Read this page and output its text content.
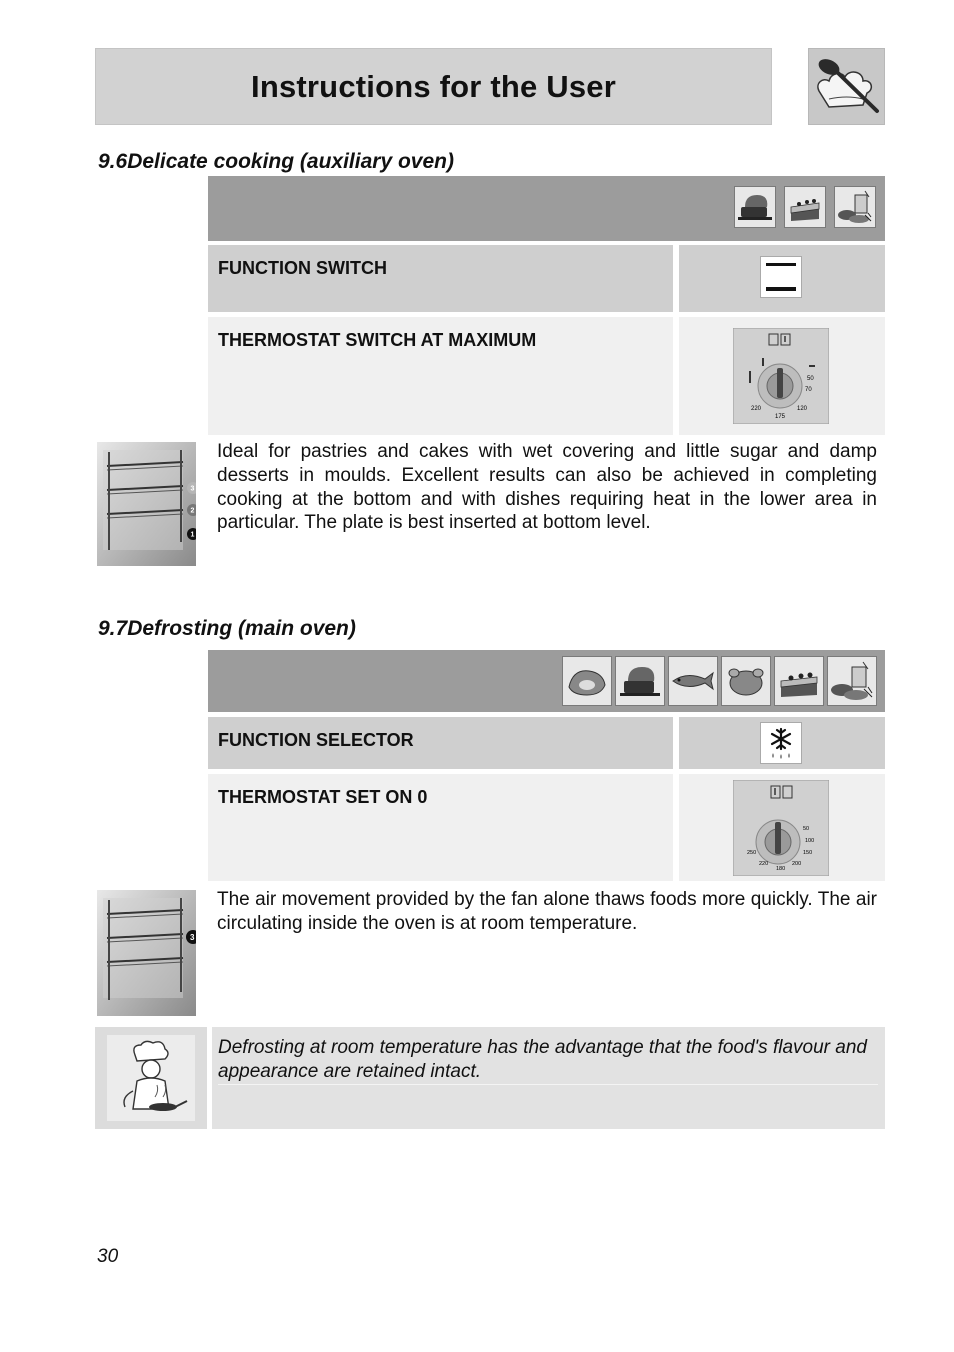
Instructions for the User
9.6Delicate cooking (auxiliary oven)
FUNCTION SWITCH
THERMOSTAT SWITCH AT MAXIMUM
50
70
120
175
220
3
2
1
Ideal for pastries and cakes with wet covering and little sugar and damp desserts in moulds. Excellent results can also be achieved in completing cooking at the bottom and with dishes requiring heat in the lower area in particular. The plate is best inserted at bottom level.
9.7Defrosting (main oven)
FUNCTION SELECTOR
THERMOSTAT SET ON 0
50
100
150
180
200
220
250
3
The air movement provided by the fan alone thaws foods more quickly. The air circulating inside the oven is at room temperature.
Defrosting at room temperature has the advantage that the food's flavour and appearance are retained intact.
30
